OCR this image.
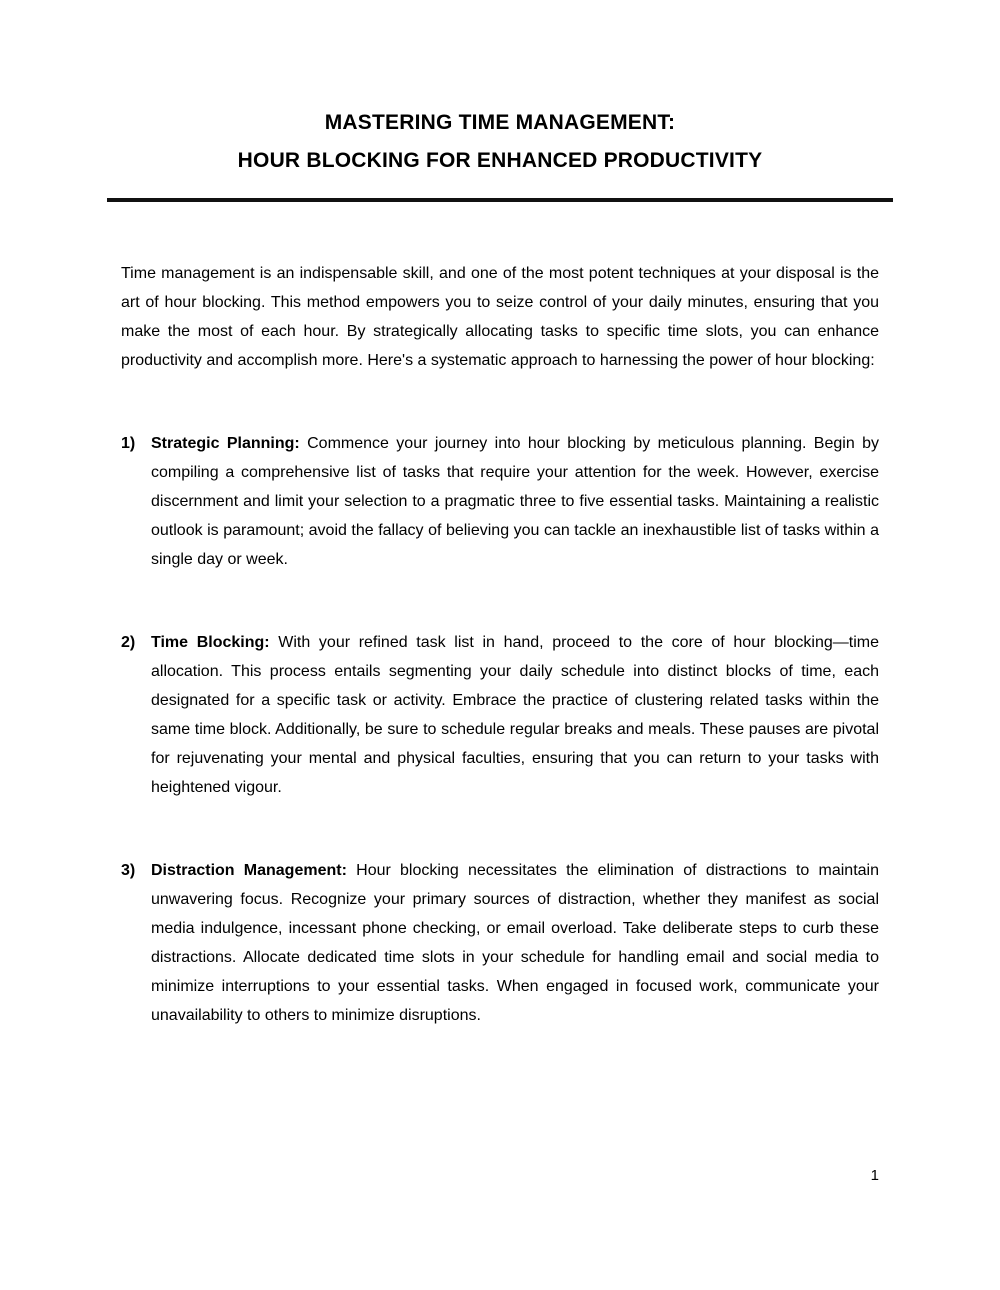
MASTERING TIME MANAGEMENT:
HOUR BLOCKING FOR ENHANCED PRODUCTIVITY

Time management is an indispensable skill, and one of the most potent techniques at your disposal is the art of hour blocking. This method empowers you to seize control of your daily minutes, ensuring that you make the most of each hour. By strategically allocating tasks to specific time slots, you can enhance productivity and accomplish more. Here's a systematic approach to harnessing the power of hour blocking:

1) Strategic Planning: Commence your journey into hour blocking by meticulous planning. Begin by compiling a comprehensive list of tasks that require your attention for the week. However, exercise discernment and limit your selection to a pragmatic three to five essential tasks. Maintaining a realistic outlook is paramount; avoid the fallacy of believing you can tackle an inexhaustible list of tasks within a single day or week.
2) Time Blocking: With your refined task list in hand, proceed to the core of hour blocking—time allocation. This process entails segmenting your daily schedule into distinct blocks of time, each designated for a specific task or activity. Embrace the practice of clustering related tasks within the same time block. Additionally, be sure to schedule regular breaks and meals. These pauses are pivotal for rejuvenating your mental and physical faculties, ensuring that you can return to your tasks with heightened vigour.
3) Distraction Management: Hour blocking necessitates the elimination of distractions to maintain unwavering focus. Recognize your primary sources of distraction, whether they manifest as social media indulgence, incessant phone checking, or email overload. Take deliberate steps to curb these distractions. Allocate dedicated time slots in your schedule for handling email and social media to minimize interruptions to your essential tasks. When engaged in focused work, communicate your unavailability to others to minimize disruptions.
1
